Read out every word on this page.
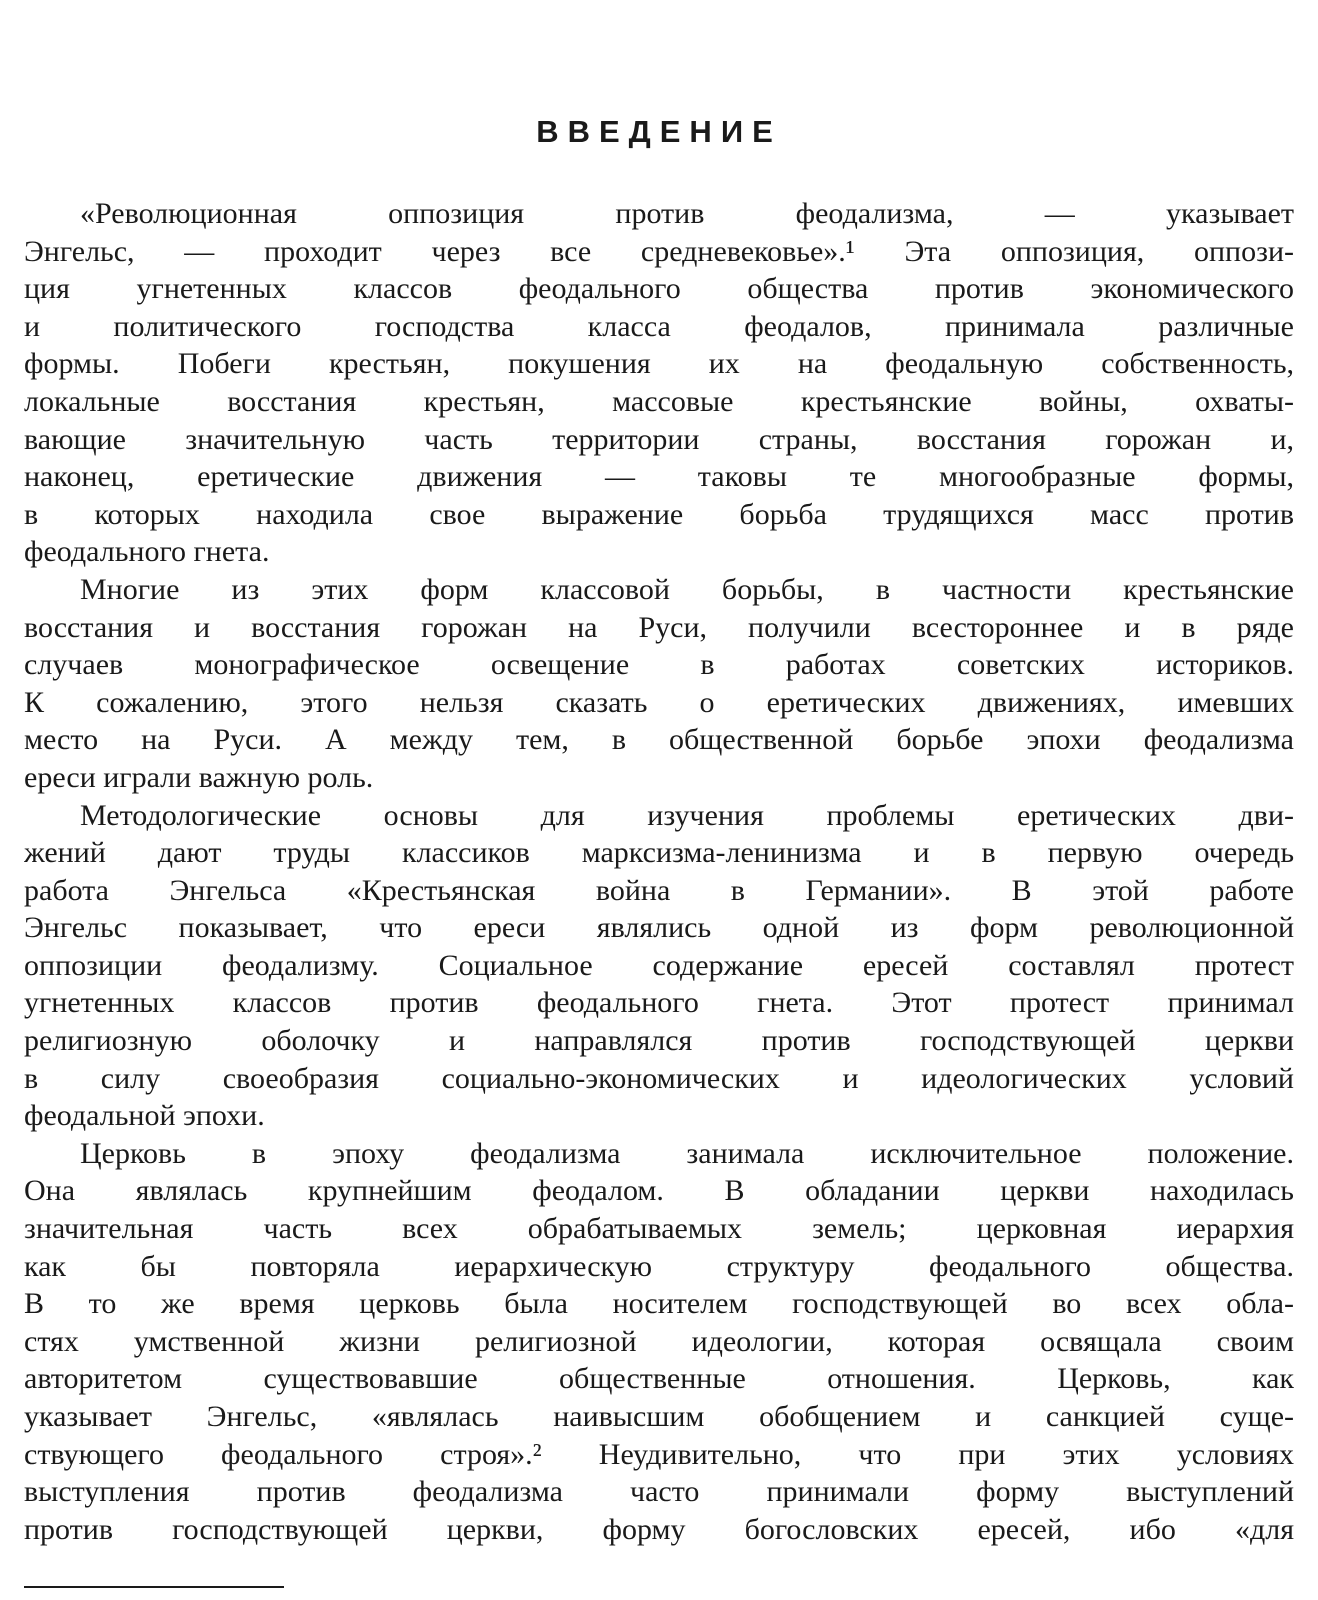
ВВЕДЕНИЕ
«Революционная оппозиция против феодализма, — указывает
Энгельс, — проходит через все средневековье».¹ Эта оппозиция, оппози-
ция угнетенных классов феодального общества против экономического
и политического господства класса феодалов, принимала различные
формы. Побеги крестьян, покушения их на феодальную собственность,
локальные восстания крестьян, массовые крестьянские войны, охваты-
вающие значительную часть территории страны, восстания горожан и,
наконец, еретические движения — таковы те многообразные формы,
в которых находила свое выражение борьба трудящихся масс против
феодального гнета.
Многие из этих форм классовой борьбы, в частности крестьянские
восстания и восстания горожан на Руси, получили всестороннее и в ряде
случаев монографическое освещение в работах советских историков.
К сожалению, этого нельзя сказать о еретических движениях, имевших
место на Руси. А между тем, в общественной борьбе эпохи феодализма
ереси играли важную роль.
Методологические основы для изучения проблемы еретических дви-
жений дают труды классиков марксизма-ленинизма и в первую очередь
работа Энгельса «Крестьянская война в Германии». В этой работе
Энгельс показывает, что ереси являлись одной из форм революционной
оппозиции феодализму. Социальное содержание ересей составлял протест
угнетенных классов против феодального гнета. Этот протест принимал
религиозную оболочку и направлялся против господствующей церкви
в силу своеобразия социально-экономических и идеологических условий
феодальной эпохи.
Церковь в эпоху феодализма занимала исключительное положение.
Она являлась крупнейшим феодалом. В обладании церкви находилась
значительная часть всех обрабатываемых земель; церковная иерархия
как бы повторяла иерархическую структуру феодального общества.
В то же время церковь была носителем господствующей во всех обла-
стях умственной жизни религиозной идеологии, которая освящала своим
авторитетом существовавшие общественные отношения. Церковь, как
указывает Энгельс, «являлась наивысшим обобщением и санкцией суще-
ствующего феодального строя».² Неудивительно, что при этих условиях
выступления против феодализма часто принимали форму выступлений
против господствующей церкви, форму богословских ересей, ибо «для
